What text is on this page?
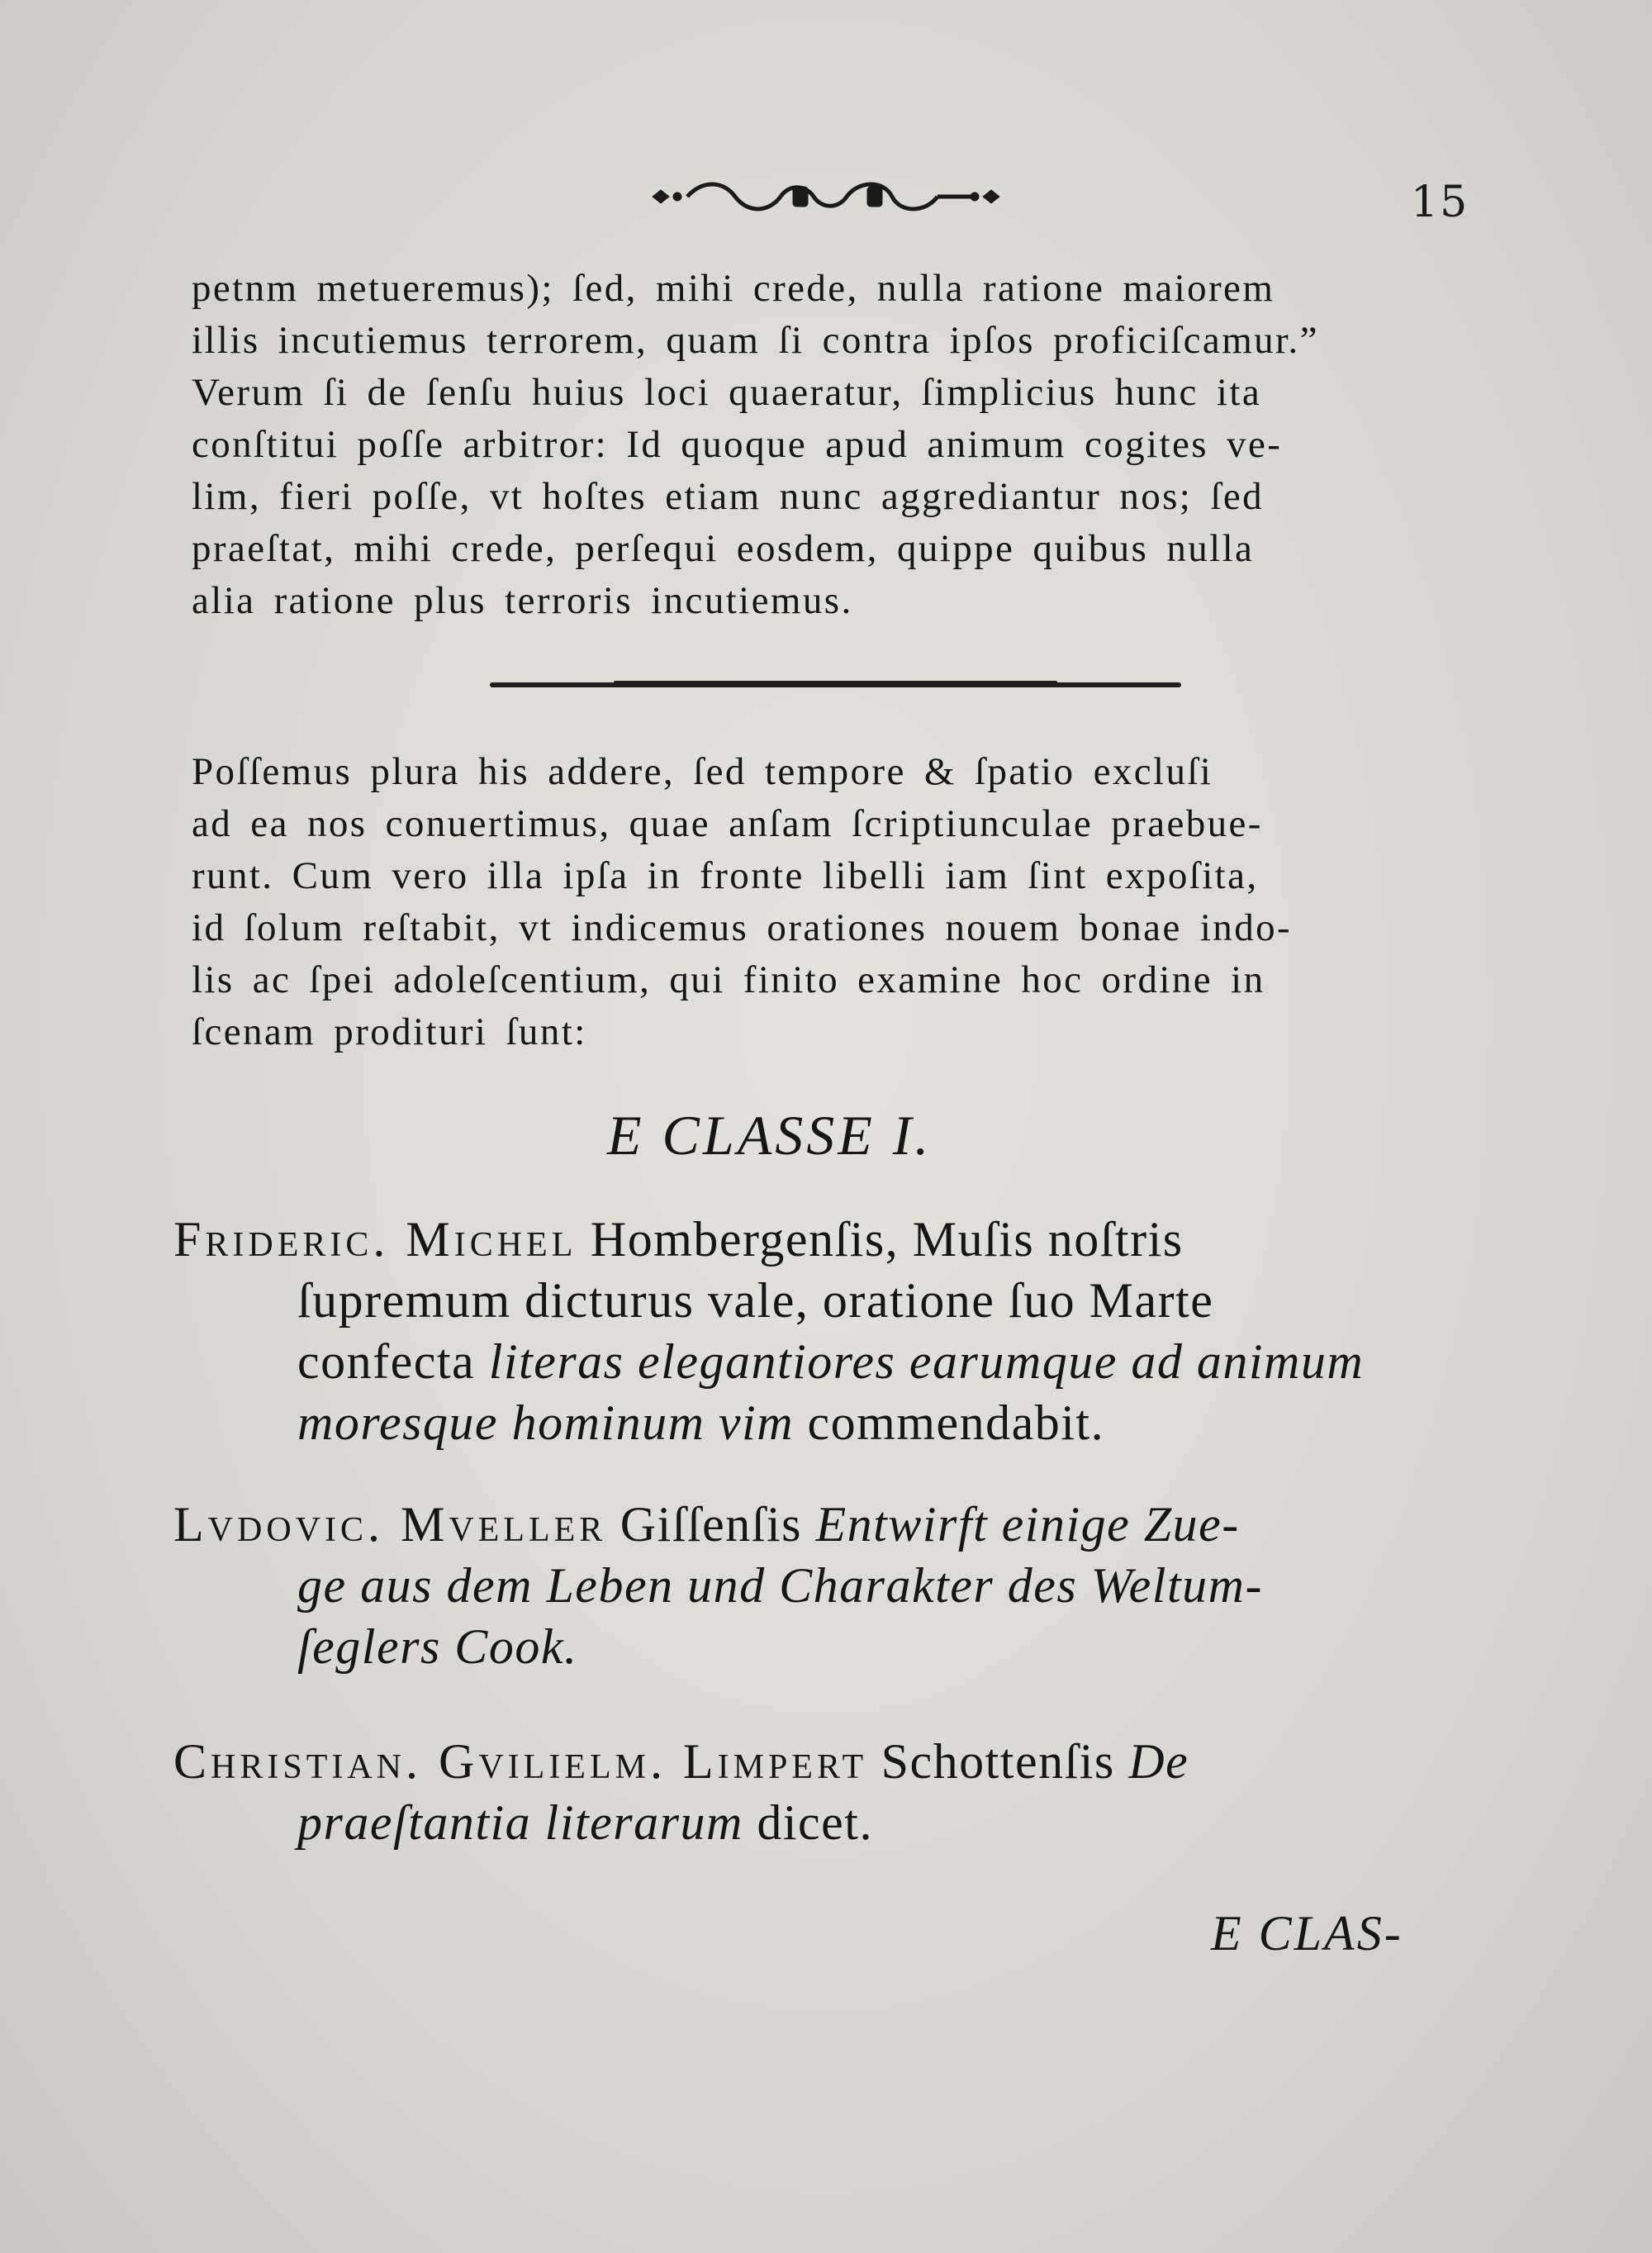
15

petnm metueremus); ſed, mihi crede, nulla ratione maiorem
illis incutiemus terrorem, quam ſi contra ipſos proficiſcamur.”
Verum ſi de ſenſu huius loci quaeratur, ſimplicius hunc ita
conſtitui poſſe arbitror: Id quoque apud animum cogites ve-
lim, fieri poſſe, vt hoſtes etiam nunc aggrediantur nos; ſed
praeſtat, mihi crede, perſequi eosdem, quippe quibus nulla
alia ratione plus terroris incutiemus.

Poſſemus plura his addere, ſed tempore & ſpatio excluſi
ad ea nos conuertimus, quae anſam ſcriptiunculae praebue-
runt. Cum vero illa ipſa in fronte libelli iam ſint expoſita,
id ſolum reſtabit, vt indicemus orationes nouem bonae indo-
lis ac ſpei adoleſcentium, qui finito examine hoc ordine in
ſcenam prodituri ſunt:

E CLASSE I.

Frideric. Michel Hombergenſis, Muſis noſtris
ſupremum dicturus vale, oratione ſuo Marte
confecta literas elegantiores earumque ad animum
moresque hominum vim commendabit.

Lvdovic. Mveller Giſſenſis Entwirft einige Zue-
ge aus dem Leben und Charakter des Weltum-
ſeglers Cook.

Christian. Gvilielm. Limpert Schottenſis De
praeſtantia literarum dicet.

E CLAS-
